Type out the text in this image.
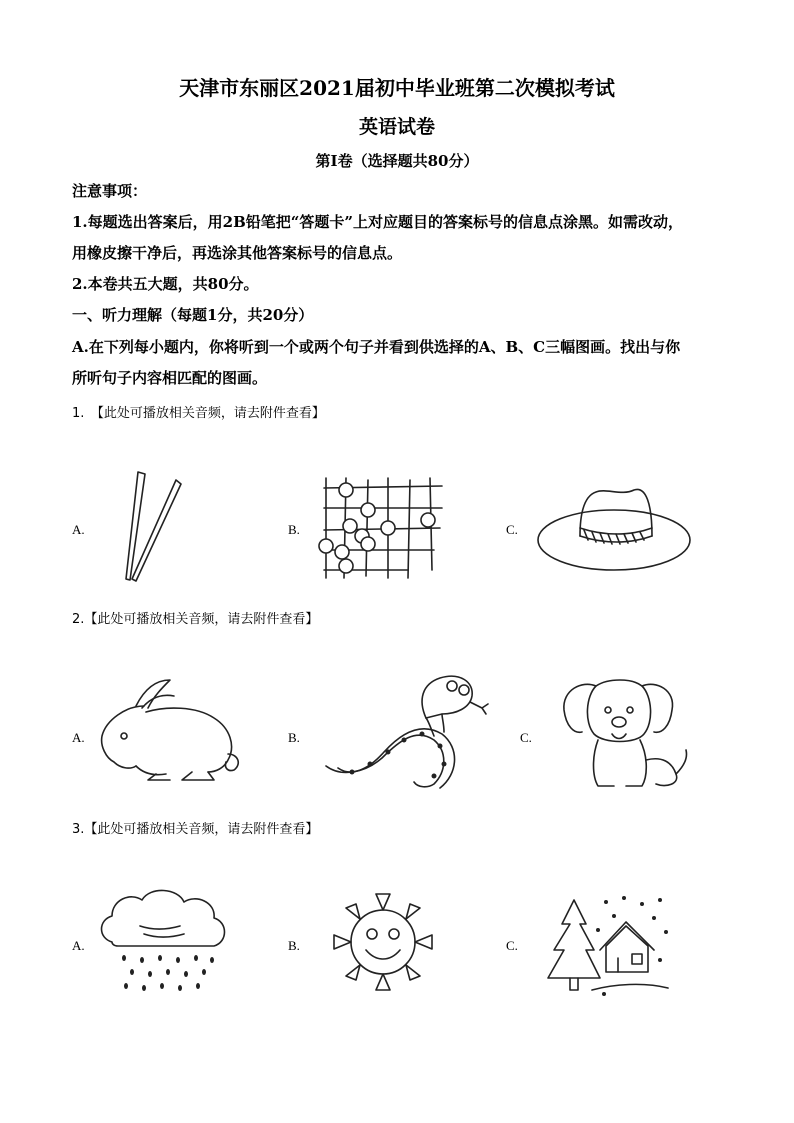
天津市东丽区2021届初中毕业班第二次模拟考试
英语试卷
第I卷（选择题共80分）
注意事项：
1.每题选出答案后，用2B铅笔把“答题卡”上对应题目的答案标号的信息点涂黑。如需改动，
用橡皮擦干净后，再选涂其他答案标号的信息点。
2.本卷共五大题，共80分。
一、听力理解（每题1分，共20分）
A.在下列每小题内，你将听到一个或两个句子并看到供选择的A、B、C三幅图画。找出与你
所听句子内容相匹配的图画。
1.　【此处可播放相关音频，请去附件查看】
A.	B.	C.
2.【此处可播放相关音频，请去附件查看】
A.	B.	C.
3.【此处可播放相关音频，请去附件查看】
A.	B.	C.
